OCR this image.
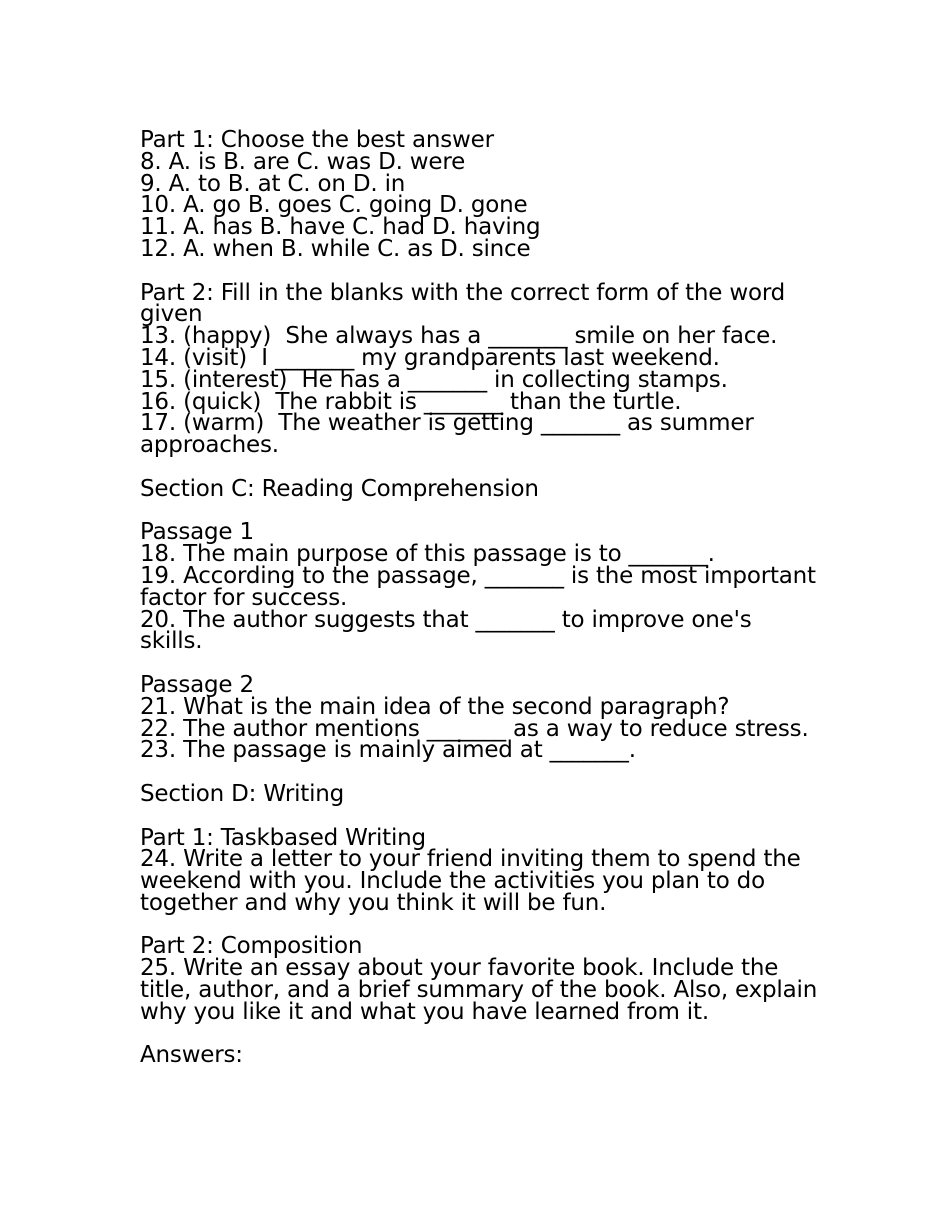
Part 1: Choose the best answer
8. A. is B. are C. was D. were
9. A. to B. at C. on D. in
10. A. go B. goes C. going D. gone
11. A. has B. have C. had D. having
12. A. when B. while C. as D. since
Part 2: Fill in the blanks with the correct form of the word given
13. (happy)  She always has a _______ smile on her face.
14. (visit)  I _______ my grandparents last weekend.
15. (interest)  He has a _______ in collecting stamps.
16. (quick)  The rabbit is _______ than the turtle.
17. (warm)  The weather is getting _______ as summer approaches.
Section C: Reading Comprehension
Passage 1
18. The main purpose of this passage is to _______.
19. According to the passage, _______ is the most important factor for success.
20. The author suggests that _______ to improve one's skills.
Passage 2
21. What is the main idea of the second paragraph?
22. The author mentions _______ as a way to reduce stress.
23. The passage is mainly aimed at _______.
Section D: Writing
Part 1: Taskbased Writing
24. Write a letter to your friend inviting them to spend the weekend with you. Include the activities you plan to do together and why you think it will be fun.
Part 2: Composition
25. Write an essay about your favorite book. Include the title, author, and a brief summary of the book. Also, explain why you like it and what you have learned from it.
Answers:
